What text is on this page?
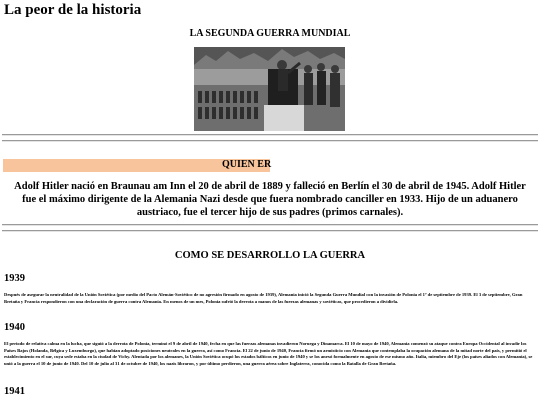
La peor de la historia
LA SEGUNDA GUERRA MUNDIAL
QUIEN ER
Adolf Hitler nació en Braunau am Inn el 20 de abril de 1889 y falleció en Berlín el 30 de abril de 1945. Adolf Hitler fue el máximo dirigente de la Alemania Nazi desde que fuera nombrado canciller en 1933. Hijo de un aduanero austriaco, fue el tercer hijo de sus padres (primos carnales).
COMO SE DESARROLLO LA GUERRA
1939
Después de asegurar la neutralidad de la Unión Soviética (por medio del Pacto Alemán-Soviético de no agresión firmado en agosto de 1939), Alemania inició la Segunda Guerra Mundial con la invasión de Polonia el 1º de septiembre de 1939. El 3 de septiembre, Gran Bretaña y Francia respondieron con una declaración de guerra contra Alemania. En menos de un mes, Polonia sufrió la derrota a manos de las fuerzas alemanas y soviéticas, que procedieron a dividirla.
1940
El periodo de relativa calma en la lucha, que siguió a la derrota de Polonia, terminó el 9 de abril de 1940, fecha en que las fuerzas alemanas invadieron Noruega y Dinamarca. El 10 de mayo de 1940, Alemania comenzó su ataque contra Europa Occidental al invadir los Países Bajos (Holanda, Bélgica y Luxemburgo), que habían adoptado posiciones neutrales en la guerra, así como Francia. El 22 de junio de 1940, Francia firmó un armisticio con Alemania que contemplaba la ocupación alemana de la mitad norte del país, y permitió el establecimiento en el sur, cuya sede estaba en la ciudad de Vichy. Alentada por los alemanes, la Unión Soviética ocupó los estados bálticos en junio de 1940 y se los anexó formalmente en agosto de ese mismo año. Italia, miembro del Eje (los países aliados con Alemania), se unió a la guerra el 10 de junio de 1940. Del 10 de julio al 31 de octubre de 1940, los nazis libraron, y por último perdieron, una guerra aérea sobre Inglaterra, conocida como la Batalla de Gran Bretaña.
1941
